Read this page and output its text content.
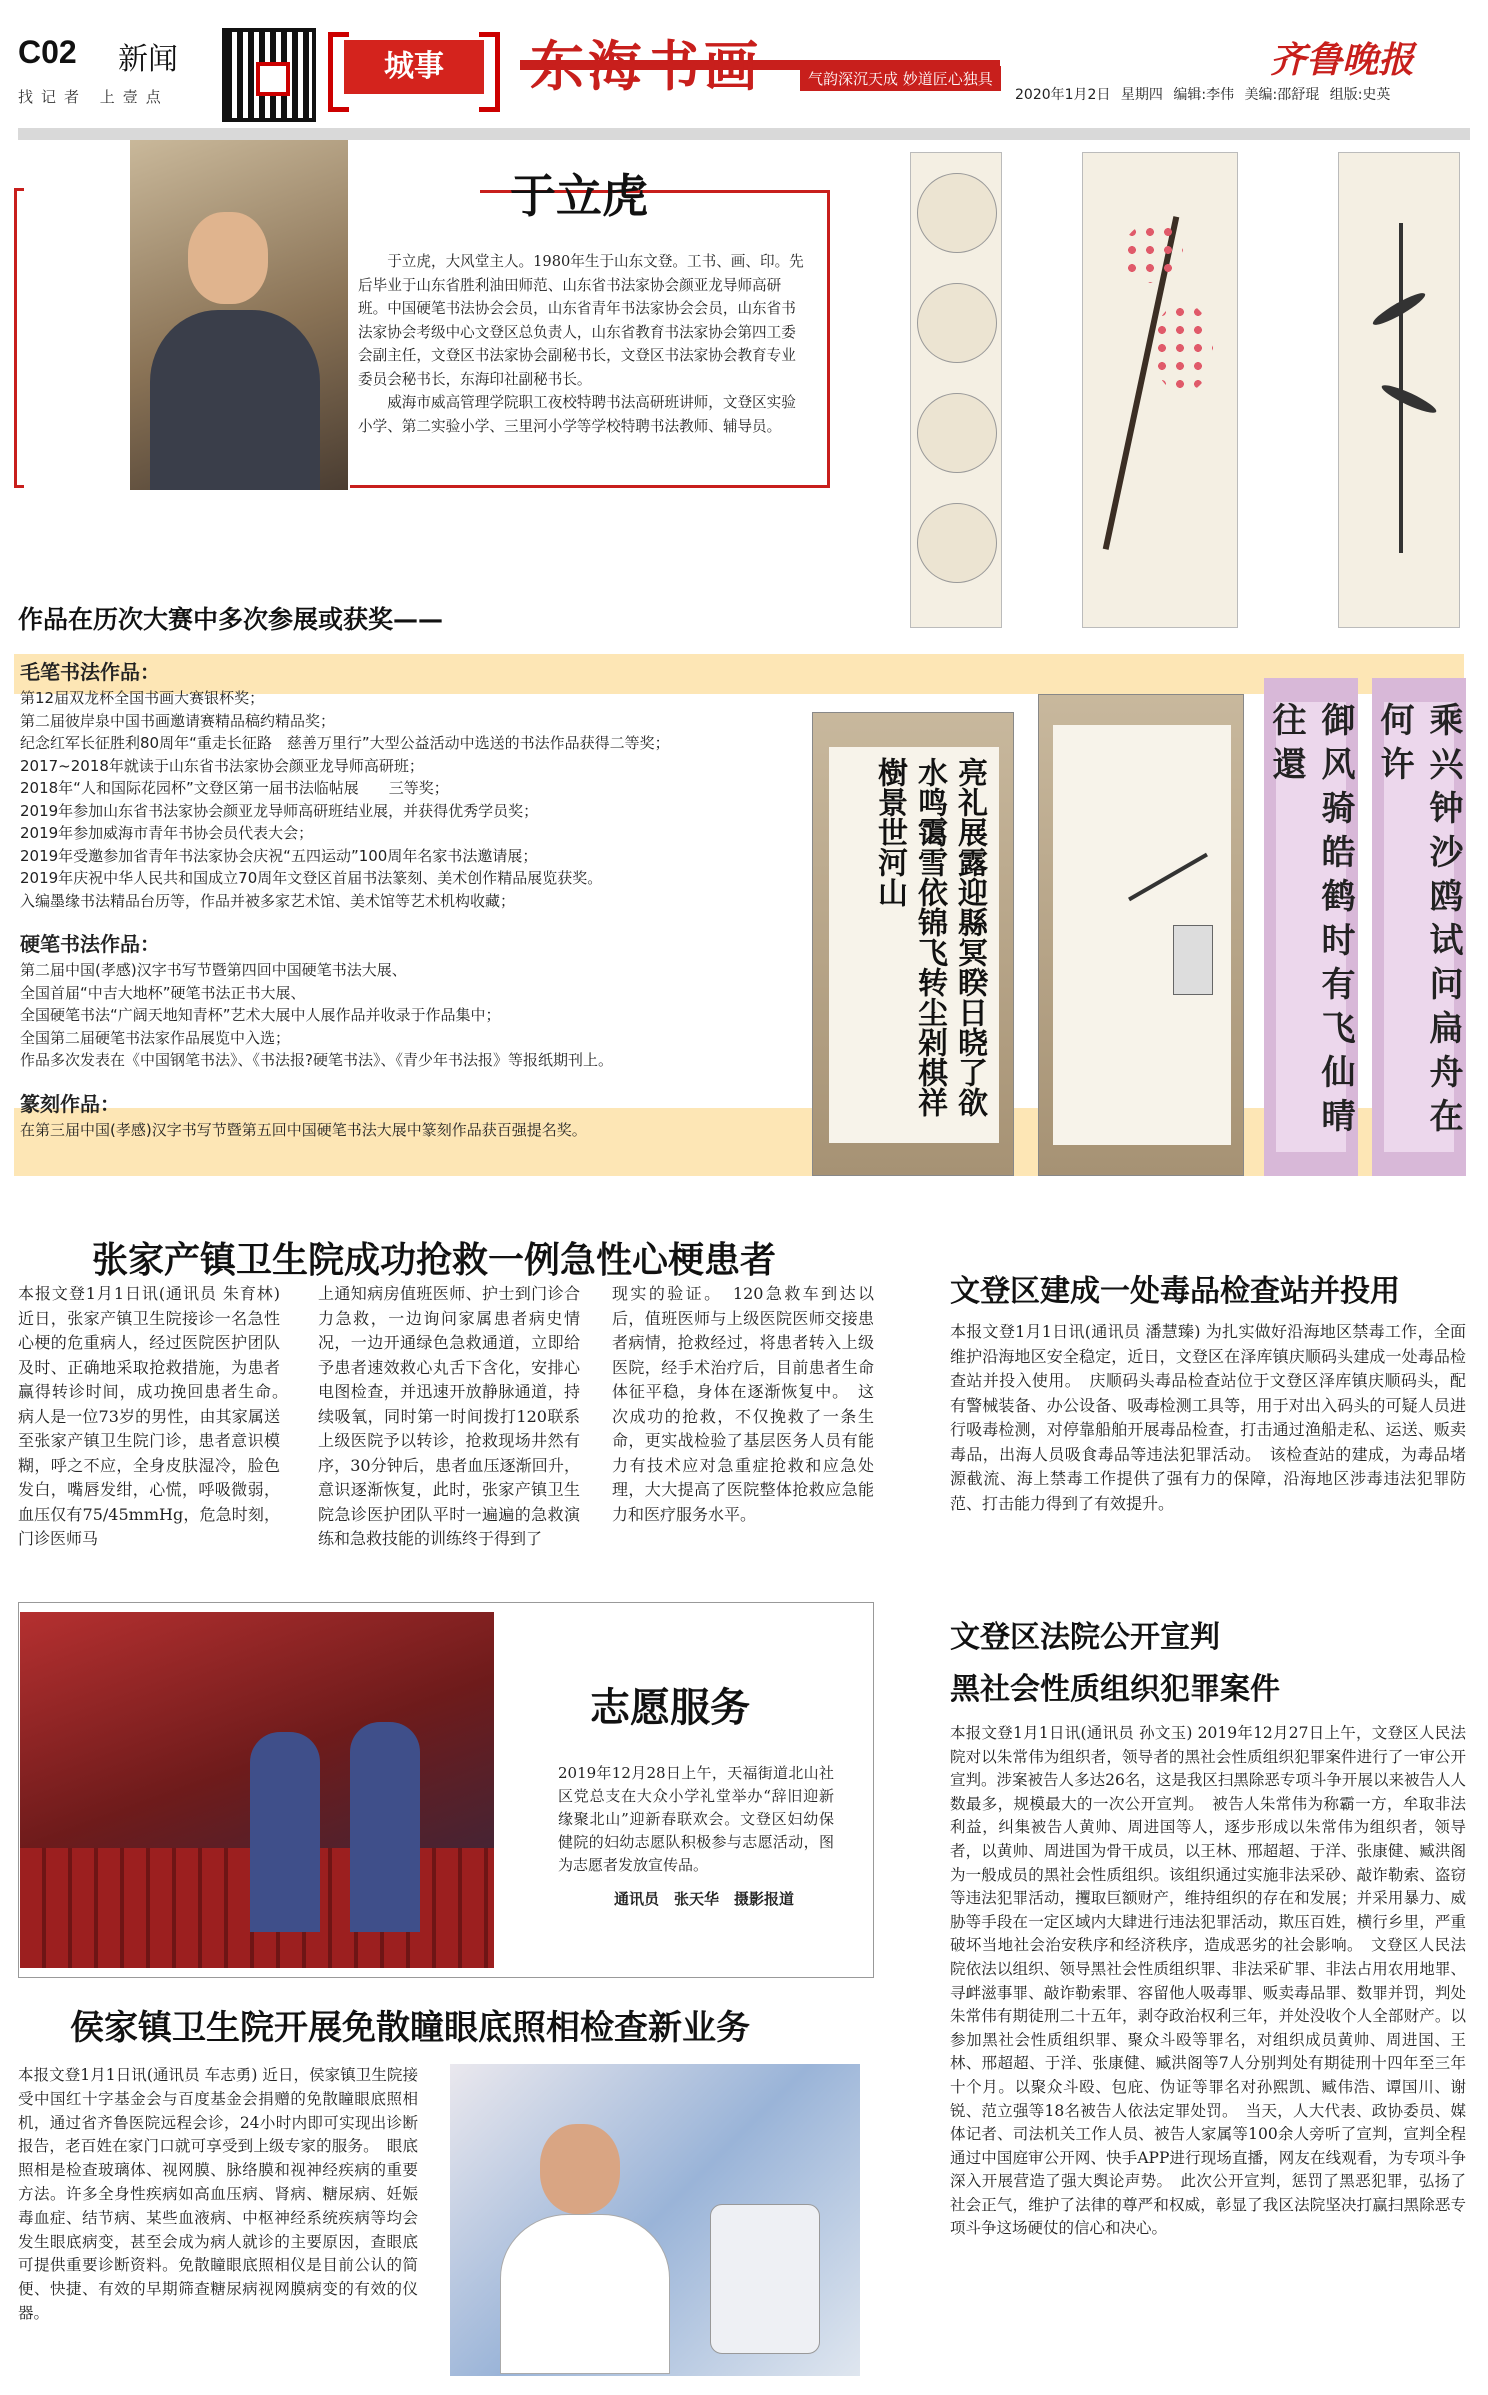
C02 新闻
找记者 上壹点
城事	东海书画	气韵深沉天成 妙道匠心独具	齐鲁晚报
2020年1月2日 星期四 编辑:李伟 美编:邵舒琨 组版:史英
于立虎

于立虎，大风堂主人。1980年生于山东文登。工书、画、印。先后毕业于山东省胜利油田师范、山东省书法家协会颜亚龙导师高研班。中国硬笔书法协会会员，山东省青年书法家协会会员，山东省书法家协会考级中心文登区总负责人，山东省教育书法家协会第四工委会副主任，文登区书法家协会副秘书长，文登区书法家协会教育专业委员会秘书长，东海印社副秘书长。

威海市威高管理学院职工夜校特聘书法高研班讲师，文登区实验小学、第二实验小学、三里河小学等学校特聘书法教师、辅导员。

作品在历次大赛中多次参展或获奖——
毛笔书法作品：
第12届双龙杯全国书画大赛银杯奖；
第二届彼岸泉中国书画邀请赛精品稿约精品奖；
纪念红军长征胜利80周年“重走长征路　慈善万里行”大型公益活动中选送的书法作品获得二等奖；
2017~2018年就读于山东省书法家协会颜亚龙导师高研班；
2018年“人和国际花园杯”文登区第一届书法临帖展　　三等奖；
2019年参加山东省书法家协会颜亚龙导师高研班结业展，并获得优秀学员奖；
2019年参加威海市青年书协会员代表大会；
2019年受邀参加省青年书法家协会庆祝“五四运动”100周年名家书法邀请展；
2019年庆祝中华人民共和国成立70周年文登区首届书法篆刻、美术创作精品展览获奖。
入编墨缘书法精品台历等，作品并被多家艺术馆、美术馆等艺术机构收藏；
硬笔书法作品：
第二届中国(孝感)汉字书写节暨第四回中国硬笔书法大展、
全国首届“中吉大地杯”硬笔书法正书大展、
全国硬笔书法“广阔天地知青杯”艺术大展中人展作品并收录于作品集中；
全国第二届硬笔书法家作品展览中入选；
作品多次发表在《中国钢笔书法》、《书法报?硬笔书法》、《青少年书法报》等报纸期刊上。
篆刻作品：
在第三届中国(孝感)汉字书写节暨第五回中国硬笔书法大展中篆刻作品获百强提名奖。
亮礼展露迎縣冥睽日晓了欲水鸣霭雪依锦飞转尘剁棋祥樹景世河山	御风骑皓鹤时有飞仙晴往還	乘兴钟沙鸥试问扁舟在何许
张家产镇卫生院成功抢救一例急性心梗患者
本报文登1月1日讯(通讯员 朱育林) 近日，张家产镇卫生院接诊一名急性心梗的危重病人，经过医院医护团队及时、正确地采取抢救措施，为患者赢得转诊时间，成功挽回患者生命。　病人是一位73岁的男性，由其家属送至张家产镇卫生院门诊，患者意识模糊，呼之不应，全身皮肤湿冷，脸色发白，嘴唇发绀，心慌，呼吸微弱，血压仅有75/45mmHg，危急时刻，门诊医师马
上通知病房值班医师、护士到门诊合力急救，一边询问家属患者病史情况，一边开通绿色急救通道，立即给予患者速效救心丸舌下含化，安排心电图检查，并迅速开放静脉通道，持续吸氧，同时第一时间拨打120联系上级医院予以转诊，抢救现场井然有序，30分钟后，患者血压逐渐回升，意识逐渐恢复，此时，张家产镇卫生院急诊医护团队平时一遍遍的急救演练和急救技能的训练终于得到了
现实的验证。　120急救车到达以后，值班医师与上级医院医师交接患者病情，抢救经过，将患者转入上级医院，经手术治疗后，目前患者生命体征平稳，身体在逐渐恢复中。　这次成功的抢救，不仅挽救了一条生命，更实战检验了基层医务人员有能力有技术应对急重症抢救和应急处理，大大提高了医院整体抢救应急能力和医疗服务水平。
文登区建成一处毒品检查站并投用
本报文登1月1日讯(通讯员 潘慧臻) 为扎实做好沿海地区禁毒工作，全面维护沿海地区安全稳定，近日，文登区在泽库镇庆顺码头建成一处毒品检查站并投入使用。　庆顺码头毒品检查站位于文登区泽库镇庆顺码头，配有警械装备、办公设备、吸毒检测工具等，用于对出入码头的可疑人员进行吸毒检测，对停靠船舶开展毒品检查，打击通过渔船走私、运送、贩卖毒品，出海人员吸食毒品等违法犯罪活动。　该检查站的建成，为毒品堵源截流、海上禁毒工作提供了强有力的保障，沿海地区涉毒违法犯罪防范、打击能力得到了有效提升。
志愿服务
2019年12月28日上午，天福街道北山社区党总支在大众小学礼堂举办“辞旧迎新　缘聚北山”迎新春联欢会。文登区妇幼保健院的妇幼志愿队积极参与志愿活动，图为志愿者发放宣传品。
通讯员　张天华　摄影报道
文登区法院公开宣判
黑社会性质组织犯罪案件
本报文登1月1日讯(通讯员 孙文玉) 2019年12月27日上午，文登区人民法院对以朱常伟为组织者，领导者的黑社会性质组织犯罪案件进行了一审公开宣判。涉案被告人多达26名，这是我区扫黑除恶专项斗争开展以来被告人人数最多，规模最大的一次公开宣判。　被告人朱常伟为称霸一方，牟取非法利益，纠集被告人黄帅、周进国等人，逐步形成以朱常伟为组织者，领导者，以黄帅、周进国为骨干成员，以王林、邢超超、于洋、张康健、臧洪阁为一般成员的黑社会性质组织。该组织通过实施非法采砂、敲诈勒索、盗窃等违法犯罪活动，攫取巨额财产，维持组织的存在和发展；并采用暴力、威胁等手段在一定区域内大肆进行违法犯罪活动，欺压百姓，横行乡里，严重破坏当地社会治安秩序和经济秩序，造成恶劣的社会影响。　文登区人民法院依法以组织、领导黑社会性质组织罪、非法采矿罪、非法占用农用地罪、寻衅滋事罪、敲诈勒索罪、容留他人吸毒罪、贩卖毒品罪、数罪并罚，判处朱常伟有期徒刑二十五年，剥夺政治权利三年，并处没收个人全部财产。以参加黑社会性质组织罪、聚众斗殴等罪名，对组织成员黄帅、周进国、王林、邢超超、于洋、张康健、臧洪阁等7人分别判处有期徒刑十四年至三年十个月。以聚众斗殴、包庇、伪证等罪名对孙熙凯、臧伟浩、谭国川、谢锐、范立强等18名被告人依法定罪处罚。　当天，人大代表、政协委员、媒体记者、司法机关工作人员、被告人家属等100余人旁听了宣判，宣判全程通过中国庭审公开网、快手APP进行现场直播，网友在线观看，为专项斗争深入开展营造了强大舆论声势。　此次公开宣判，惩罚了黑恶犯罪，弘扬了社会正气，维护了法律的尊严和权威，彰显了我区法院坚决打赢扫黑除恶专项斗争这场硬仗的信心和决心。
侯家镇卫生院开展免散瞳眼底照相检查新业务
本报文登1月1日讯(通讯员 车志勇) 近日，侯家镇卫生院接受中国红十字基金会与百度基金会捐赠的免散瞳眼底照相机，通过省齐鲁医院远程会诊，24小时内即可实现出诊断报告，老百姓在家门口就可享受到上级专家的服务。　眼底照相是检查玻璃体、视网膜、脉络膜和视神经疾病的重要方法。许多全身性疾病如高血压病、肾病、糖尿病、妊娠毒血症、结节病、某些血液病、中枢神经系统疾病等均会发生眼底病变，甚至会成为病人就诊的主要原因，查眼底可提供重要诊断资料。免散瞳眼底照相仪是目前公认的简便、快捷、有效的早期筛查糖尿病视网膜病变的有效的仪器。
